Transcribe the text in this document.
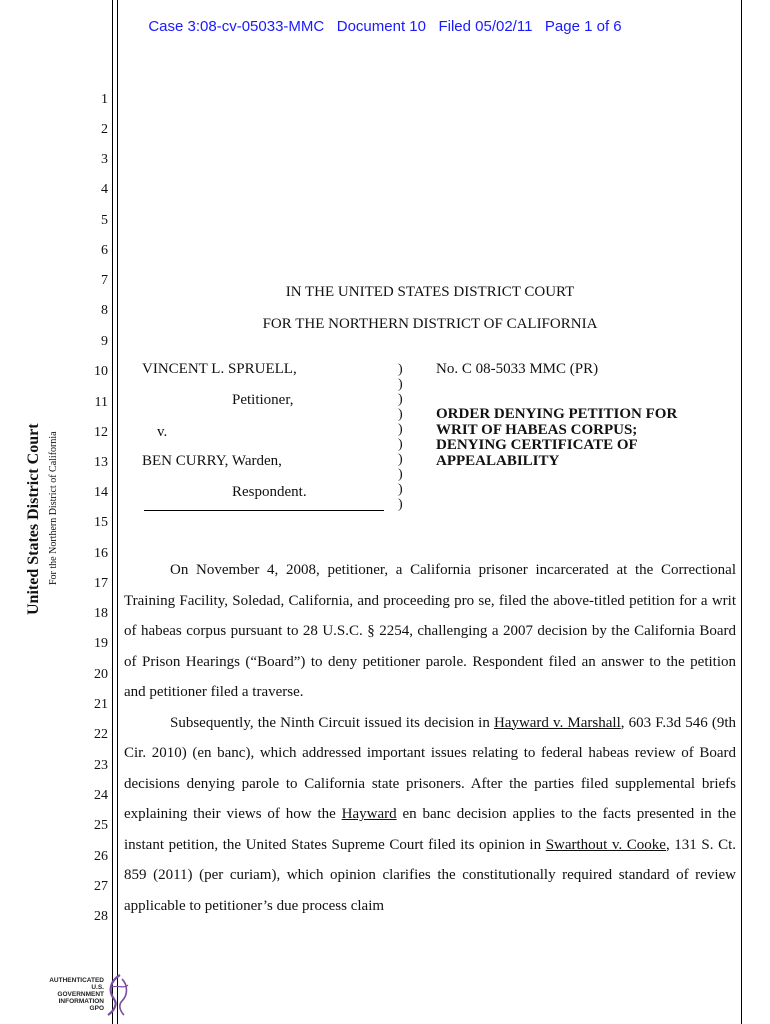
Case 3:08-cv-05033-MMC   Document 10   Filed 05/02/11   Page 1 of 6
United States District Court For the Northern District of California
1
2
3
4
5
6
7
8
9
10
11
12
13
14
15
16
17
18
19
20
21
22
23
24
25
26
27
28
IN THE UNITED STATES DISTRICT COURT
FOR THE NORTHERN DISTRICT OF CALIFORNIA
VINCENT L. SPRUELL,
Petitioner,
v.
BEN CURRY, Warden,
Respondent.
)
)
)
)
)
)
)
)
)
)
No. C 08-5033 MMC (PR)
ORDER DENYING PETITION FOR
WRIT OF HABEAS CORPUS;
DENYING CERTIFICATE OF
APPEALABILITY

On November 4, 2008, petitioner, a California prisoner incarcerated at the Correctional Training Facility, Soledad, California, and proceeding pro se, filed the above-titled petition for a writ of habeas corpus pursuant to 28 U.S.C. § 2254, challenging a 2007 decision by the California Board of Prison Hearings (“Board”) to deny petitioner parole. Respondent filed an answer to the petition and petitioner filed a traverse.

Subsequently, the Ninth Circuit issued its decision in Hayward v. Marshall, 603 F.3d 546 (9th Cir. 2010) (en banc), which addressed important issues relating to federal habeas review of Board decisions denying parole to California state prisoners. After the parties filed supplemental briefs explaining their views of how the Hayward en banc decision applies to the facts presented in the instant petition, the United States Supreme Court filed its opinion in Swarthout v. Cooke, 131 S. Ct. 859 (2011) (per curiam), which opinion clarifies the constitutionally required standard of review applicable to petitioner’s due process claim

AUTHENTICATED
U.S. GOVERNMENT
INFORMATION
GPO
